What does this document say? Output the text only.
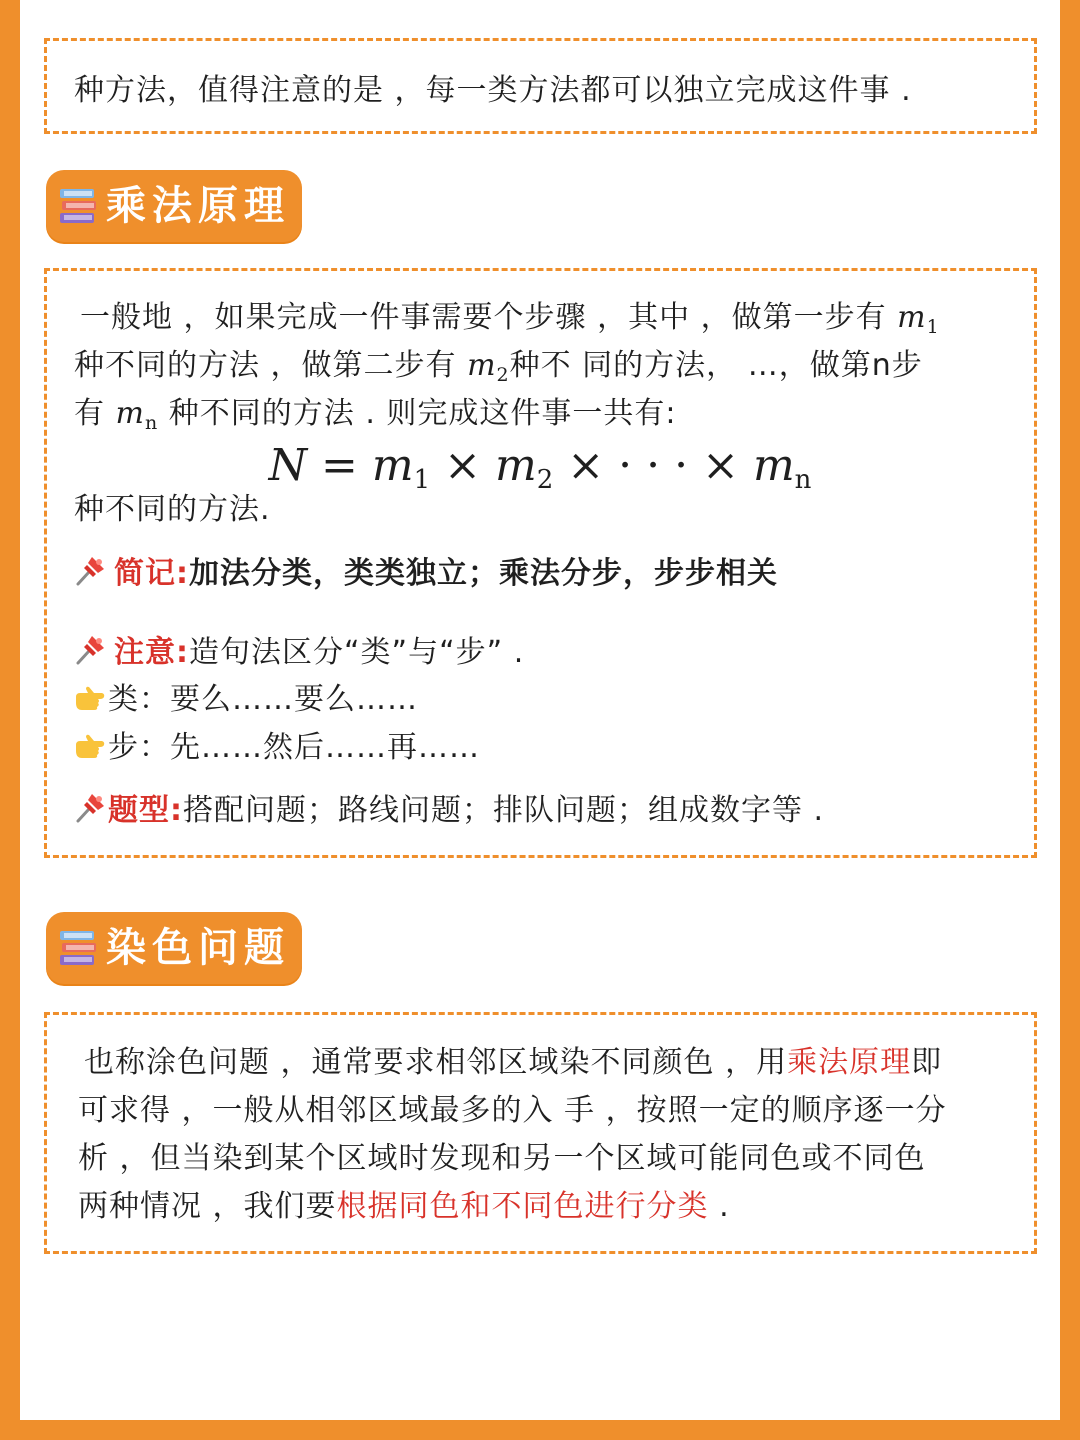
种方法，值得注意的是 ，每一类方法都可以独立完成这件事 .
乘法原理
一般地 ，如果完成一件事需要个步骤 ，其中 ，做第一步有 $m_1$
种不同的方法 ，做第二步有 $m_2$种不 同的方法， …，做第n步
有 $m_n$ 种不同的方法 . 则完成这件事一共有:
$N = m_1 \times m_2$ × · · · × $m_n$
种不同的方法.
简记:加法分类，类类独立；乘法分步，步步相关
注意:造句法区分“类”与“步” .
类：要么……要么……
步：先……然后……再……
题型:搭配问题；路线问题；排队问题；组成数字等 .
染色问题
也称涂色问题 ，通常要求相邻区域染不同颜色 ，用乘法原理即
可求得 ，一般从相邻区域最多的入 手 ，按照一定的顺序逐一分
析 ，但当染到某个区域时发现和另一个区域可能同色或不同色
两种情况 ，我们要根据同色和不同色进行分类 .
